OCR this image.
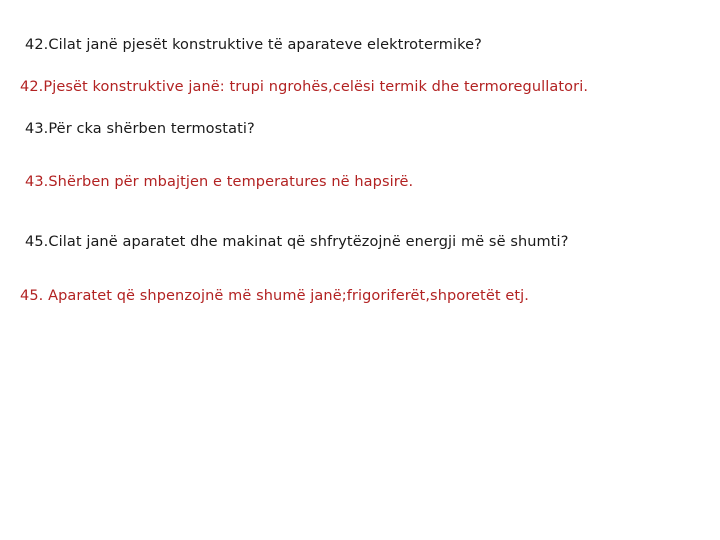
42.Cilat janë pjesët konstruktive të aparateve elektrotermike?
42.Pjesët konstruktive janë: trupi ngrohës,celësi termik dhe termoregullatori.
43.Për cka shërben termostati?
43.Shërben për mbajtjen e temperatures në hapsirë.
45.Cilat janë aparatet dhe makinat që shfrytëzojnë energji më së shumti?
45. Aparatet që shpenzojnë më shumë janë;frigoriferët,shporetët etj.
